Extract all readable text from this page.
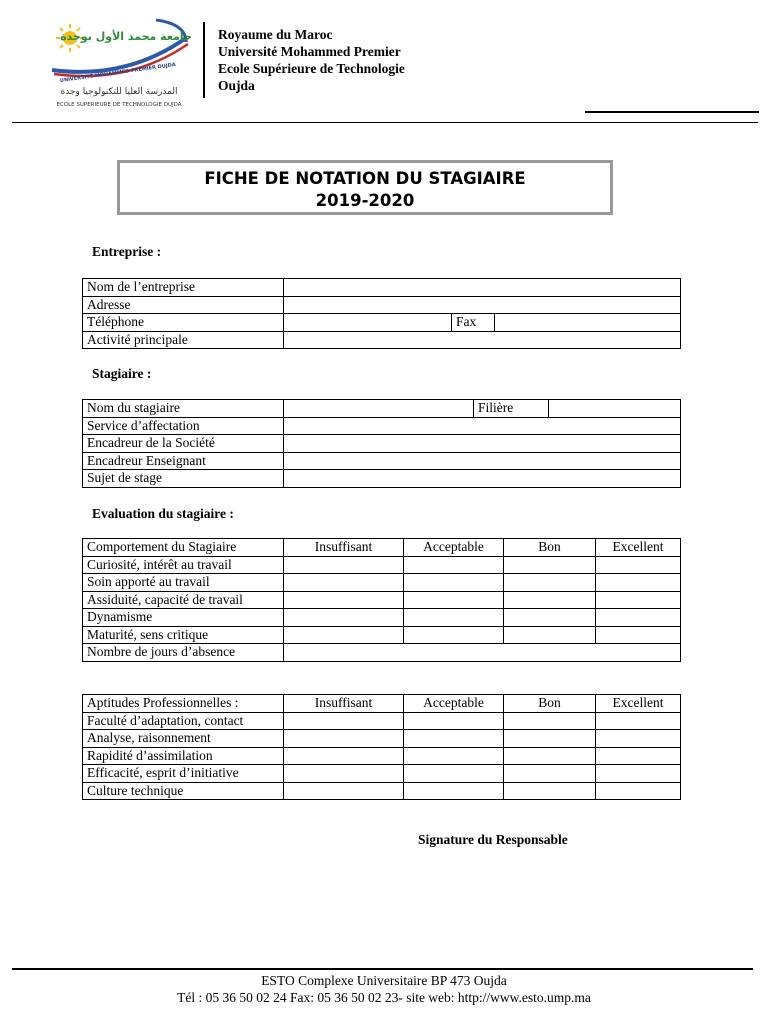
جامعة محمد الأول بوجدة
UNIVERSITE MOHAMMED PREMIER OUJDA
المدرسة العليا للتكنولوجيا وجدة
ECOLE SUPERIEURE DE TECHNOLOGIE OUJDA
Royaume du Maroc
Université Mohammed Premier
Ecole Supérieure de Technologie
Oujda
FICHE DE NOTATION DU STAGIAIRE
2019-2020
Entreprise :
Nom de l’entreprise			
Adresse			
Téléphone		Fax	
Activité principale			
Stagiaire :
Nom du stagiaire		Filière	
Service d’affectation			
Encadreur de la Société			
Encadreur Enseignant			
Sujet de stage			
Evaluation du stagiaire :
Comportement du Stagiaire	Insuffisant	Acceptable	Bon	Excellent
Curiosité, intérêt au travail				
Soin apporté au travail				
Assiduité, capacité de travail				
Dynamisme				
Maturité, sens critique				
Nombre de jours d’absence				
Aptitudes Professionnelles :	Insuffisant	Acceptable	Bon	Excellent
Faculté d’adaptation, contact				
Analyse, raisonnement				
Rapidité d’assimilation				
Efficacité, esprit d’initiative				
Culture technique				
Signature du Responsable
ESTO Complexe Universitaire BP 473 Oujda
Tél : 05 36 50 02 24 Fax: 05 36 50 02 23- site web: http://www.esto.ump.ma
